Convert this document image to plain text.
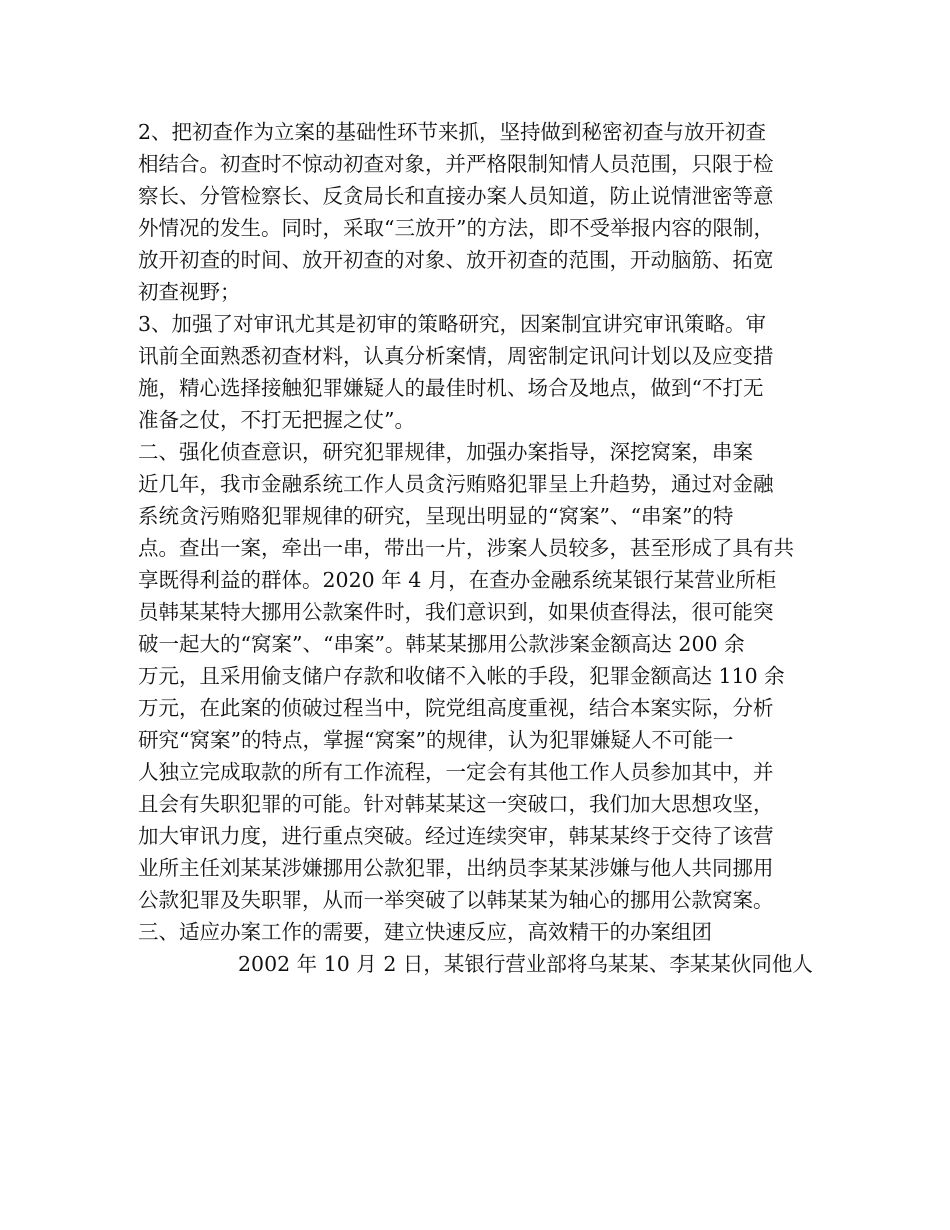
2、把初查作为立案的基础性环节来抓，坚持做到秘密初查与放开初查
相结合。初查时不惊动初查对象，并严格限制知情人员范围，只限于检
察长、分管检察长、反贪局长和直接办案人员知道，防止说情泄密等意
外情况的发生。同时，采取“三放开”的方法，即不受举报内容的限制，
放开初查的时间、放开初查的对象、放开初查的范围，开动脑筋、拓宽
初查视野；
3、加强了对审讯尤其是初审的策略研究，因案制宜讲究审讯策略。审
讯前全面熟悉初查材料，认真分析案情，周密制定讯问计划以及应变措
施，精心选择接触犯罪嫌疑人的最佳时机、场合及地点，做到“不打无
准备之仗，不打无把握之仗”。
二、强化侦查意识，研究犯罪规律，加强办案指导，深挖窝案，串案
近几年，我市金融系统工作人员贪污贿赂犯罪呈上升趋势，通过对金融
系统贪污贿赂犯罪规律的研究，呈现出明显的“窝案”、“串案”的特
点。查出一案，牵出一串，带出一片，涉案人员较多，甚至形成了具有共
享既得利益的群体。2020 年 4 月，在查办金融系统某银行某营业所柜
员韩某某特大挪用公款案件时，我们意识到，如果侦查得法，很可能突
破一起大的“窝案”、“串案”。韩某某挪用公款涉案金额高达 200 余
万元，且采用偷支储户存款和收储不入帐的手段，犯罪金额高达 110 余
万元，在此案的侦破过程当中，院党组高度重视，结合本案实际，分析
研究“窝案”的特点，掌握“窝案”的规律，认为犯罪嫌疑人不可能一
人独立完成取款的所有工作流程，一定会有其他工作人员参加其中，并
且会有失职犯罪的可能。针对韩某某这一突破口，我们加大思想攻坚，
加大审讯力度，进行重点突破。经过连续突审，韩某某终于交待了该营
业所主任刘某某涉嫌挪用公款犯罪，出纳员李某某涉嫌与他人共同挪用
公款犯罪及失职罪，从而一举突破了以韩某某为轴心的挪用公款窝案。
三、适应办案工作的需要，建立快速反应，高效精干的办案组团
2002 年 10 月 2 日，某银行营业部将乌某某、李某某伙同他人
